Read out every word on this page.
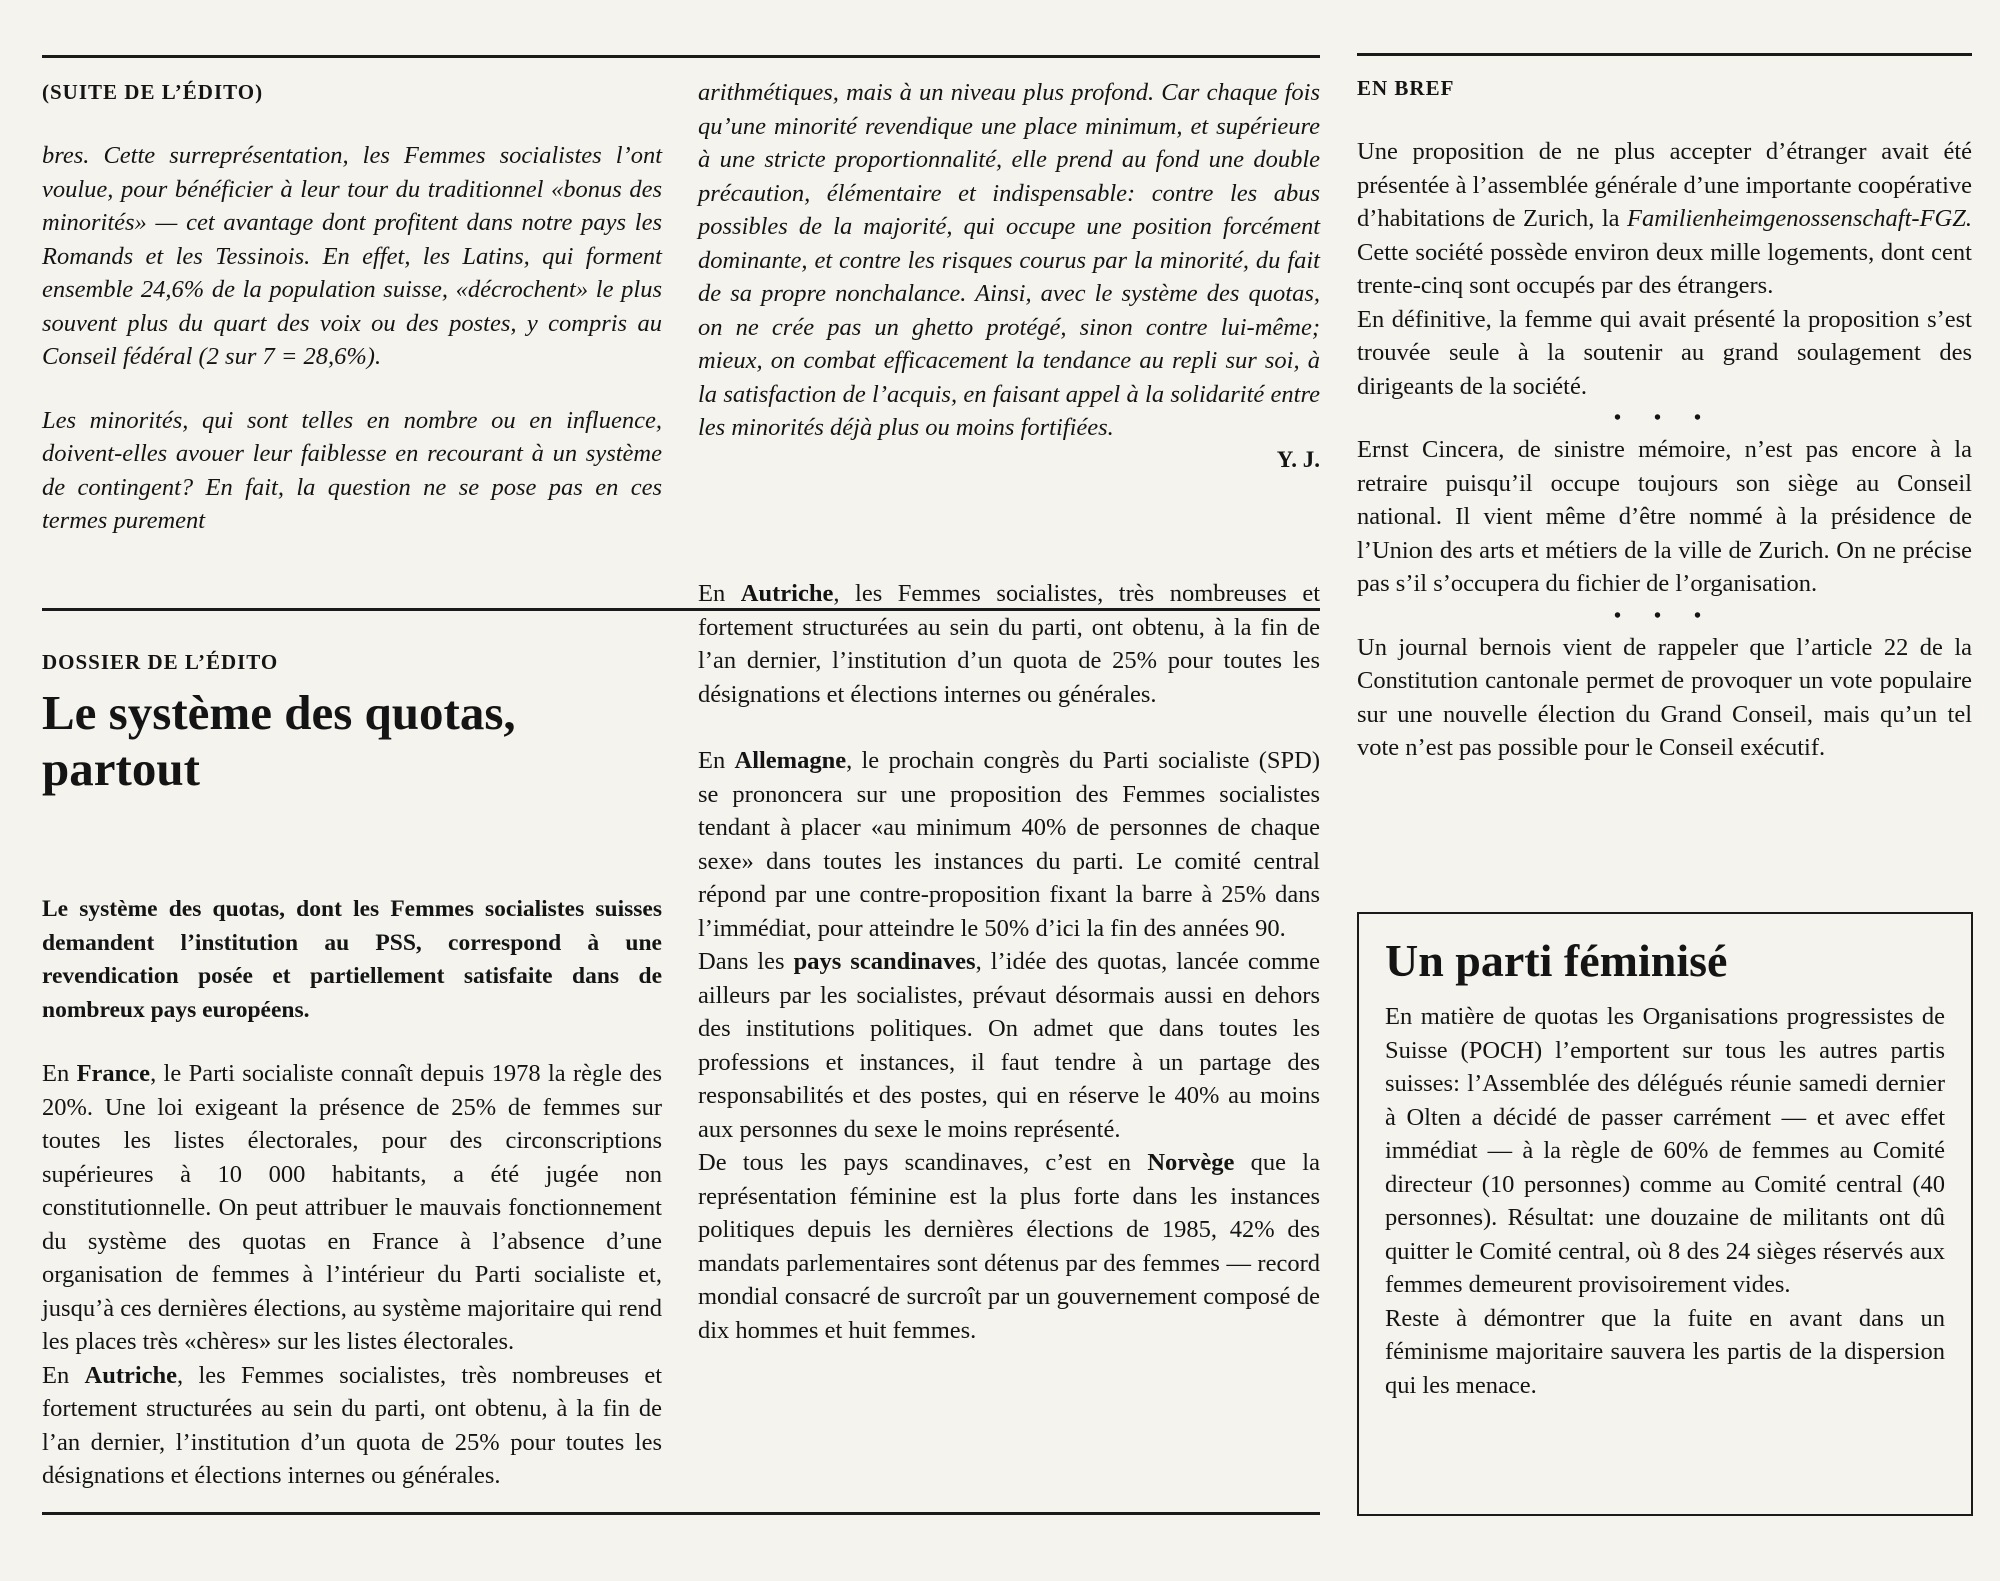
(SUITE DE L’ÉDITO)

bres. Cette surreprésentation, les Femmes socialistes l’ont voulue, pour bénéficier à leur tour du traditionnel «bonus des minorités» — cet avantage dont profitent dans notre pays les Romands et les Tessinois. En effet, les Latins, qui forment ensemble 24,6% de la population suisse, «décrochent» le plus souvent plus du quart des voix ou des postes, y compris au Conseil fédéral (2 sur 7 = 28,6%).

Les minorités, qui sont telles en nombre ou en influence, doivent-elles avouer leur faiblesse en recourant à un système de contingent? En fait, la question ne se pose pas en ces termes purement

arithmétiques, mais à un niveau plus profond. Car chaque fois qu’une minorité revendique une place minimum, et supérieure à une stricte proportionnalité, elle prend au fond une double précaution, élémentaire et indispensable: contre les abus possibles de la majorité, qui occupe une position forcément dominante, et contre les risques courus par la minorité, du fait de sa propre nonchalance. Ainsi, avec le système des quotas, on ne crée pas un ghetto protégé, sinon contre lui-même; mieux, on combat efficacement la tendance au repli sur soi, à la satisfaction de l’acquis, en faisant appel à la solidarité entre les minorités déjà plus ou moins fortifiées.

Y. J.

EN BREF

Une proposition de ne plus accepter d’étranger avait été présentée à l’assemblée générale d’une importante coopérative d’habitations de Zurich, la Familienheimgenossenschaft-FGZ. Cette société possède environ deux mille logements, dont cent trente-cinq sont occupés par des étrangers.

En définitive, la femme qui avait présenté la proposition s’est trouvée seule à la soutenir au grand soulagement des dirigeants de la société.

• • •

Ernst Cincera, de sinistre mémoire, n’est pas encore à la retraire puisqu’il occupe toujours son siège au Conseil national. Il vient même d’être nommé à la présidence de l’Union des arts et métiers de la ville de Zurich. On ne précise pas s’il s’occupera du fichier de l’organisation.

• • •

Un journal bernois vient de rappeler que l’article 22 de la Constitution cantonale permet de provoquer un vote populaire sur une nouvelle élection du Grand Conseil, mais qu’un tel vote n’est pas possible pour le Conseil exécutif.

DOSSIER DE L’ÉDITO

Le système des quotas,
partout

Le système des quotas, dont les Femmes socialistes suisses demandent l’institution au PSS, correspond à une revendication posée et partiellement satisfaite dans de nombreux pays européens.

En France, le Parti socialiste connaît depuis 1978 la règle des 20%. Une loi exigeant la présence de 25% de femmes sur toutes les listes électorales, pour des circonscriptions supérieures à 10 000 habitants, a été jugée non constitutionnelle. On peut attribuer le mauvais fonctionnement du système des quotas en France à l’absence d’une organisation de femmes à l’intérieur du Parti socialiste et, jusqu’à ces dernières élections, au système majoritaire qui rend les places très «chères» sur les listes électorales.

En Autriche, les Femmes socialistes, très nombreuses et fortement structurées au sein du parti, ont obtenu, à la fin de l’an dernier, l’institution d’un quota de 25% pour toutes les désignations et élections internes ou générales.

En Autriche, les Femmes socialistes, très nombreuses et fortement structurées au sein du parti, ont obtenu, à la fin de l’an dernier, l’institution d’un quota de 25% pour toutes les désignations et élections internes ou générales.

En Allemagne, le prochain congrès du Parti socialiste (SPD) se prononcera sur une proposition des Femmes socialistes tendant à placer «au minimum 40% de personnes de chaque sexe» dans toutes les instances du parti. Le comité central répond par une contre-proposition fixant la barre à 25% dans l’immédiat, pour atteindre le 50% d’ici la fin des années 90.

Dans les pays scandinaves, l’idée des quotas, lancée comme ailleurs par les socialistes, prévaut désormais aussi en dehors des institutions politiques. On admet que dans toutes les professions et instances, il faut tendre à un partage des responsabilités et des postes, qui en réserve le 40% au moins aux personnes du sexe le moins représenté.

De tous les pays scandinaves, c’est en Norvège que la représentation féminine est la plus forte dans les instances politiques depuis les dernières élections de 1985, 42% des mandats parlementaires sont détenus par des femmes — record mondial consacré de surcroît par un gouvernement composé de dix hommes et huit femmes.

Un parti féminisé

En matière de quotas les Organisations progressistes de Suisse (POCH) l’emportent sur tous les autres partis suisses: l’Assemblée des délégués réunie samedi dernier à Olten a décidé de passer carrément — et avec effet immédiat — à la règle de 60% de femmes au Comité directeur (10 personnes) comme au Comité central (40 personnes). Résultat: une douzaine de militants ont dû quitter le Comité central, où 8 des 24 sièges réservés aux femmes demeurent provisoirement vides.

Reste à démontrer que la fuite en avant dans un féminisme majoritaire sauvera les partis de la dispersion qui les menace.
